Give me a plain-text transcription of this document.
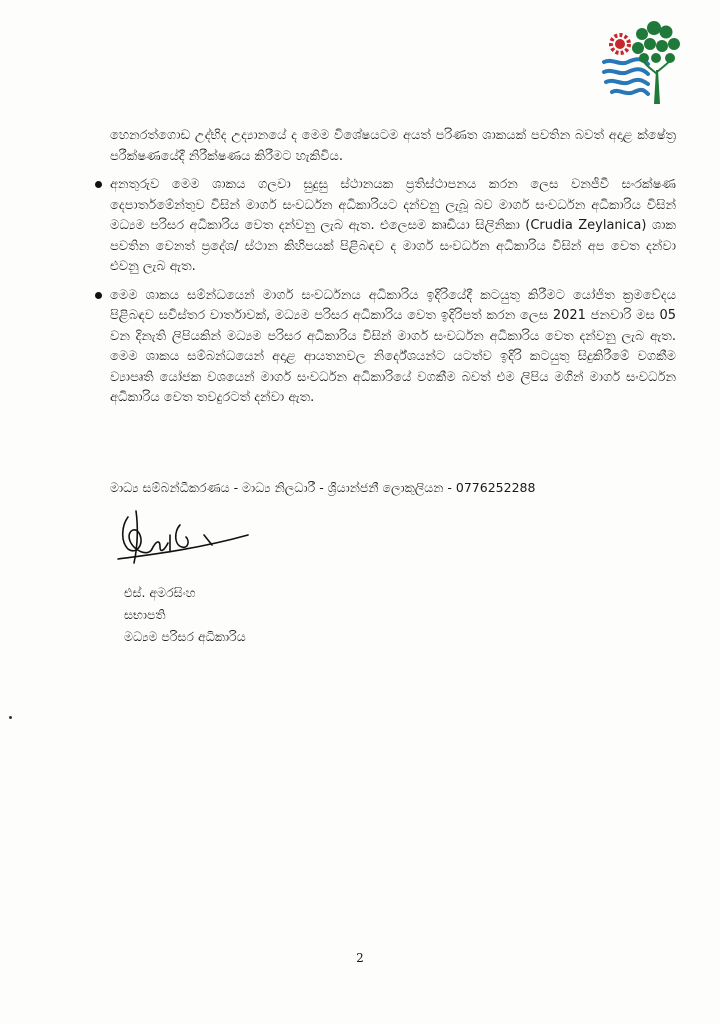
හෙනරත්ගොඩ උද්භිද උද්‍යානයේ ද මෙම විශේෂයටම අයත් පරිණත ශාකයක් පවතින බවත් අදාළ ක්ෂේත්‍ර පරීක්ෂණයේදී නිරීක්ෂණය කිරීමට හැකිවිය.

අනතුරුව මෙම ශාකය ගලවා සුදුසු ස්ථානයක ප්‍රතිස්ථාපනය කරන ලෙස වනජීවී සංරක්ෂණ දෙපාර්තමේන්තුව විසින් මාර්ග සංවර්ධන අධිකාරියට දන්වනු ලැබූ බව මාර්ග සංවර්ධන අධිකාරිය විසින් මධ්‍යම පරිසර අධිකාරිය වෙත දන්වනු ලැබ ඇත. එලෙසම කෘඩියා සිලිනිකා (Crudia Zeylanica) ශාක පවතින වෙනත් ප්‍රදේශ/ ස්ථාන කිහිපයක් පිළිබඳව ද මාර්ග සංවර්ධන අධිකාරිය විසින් අප වෙත දන්වා එවනු ලැබ ඇත.
මෙම ශාකය සම්න්ධයෙන් මාර්ග සංවර්ධනය අධිකාරිය ඉදිරියේදී කටයුතු කිරීමට යෝජිත ක්‍රමවේදය පිළිබඳව සවිස්තර වාර්තාවක්, මධ්‍යම පරිසර අධිකාරිය වෙත ඉදිරිපත් කරන ලෙස 2021 ජනවාරි මස 05 වන දිනැති ලිපියකින් මධ්‍යම පරිසර අධිකාරිය විසින් මාර්ග සංවර්ධන අධිකාරිය වෙත දන්වනු ලැබ ඇත. මෙම ශාකය සම්බන්ධයෙන් අදාළ ආයතනවල නිර්දේශයන්ට යටත්ව ඉදිරි කටයුතු සිදුකිරීමේ වගකීම ව්‍යාපෘති යෝජක වශයෙන් මාර්ග සංවර්ධන අධිකාරියේ වගකීම බවත් එම ලිපිය මගින් මාර්ග සංවර්ධන අධිකාරිය වෙත තවදුරටත් දන්වා ඇත.
මාධ්‍ය සම්බන්ධීකරණය - මාධ්‍ය නිලධාරී - ශ්‍රියාන්ජනී ලොකුලියන - 0776252288
එස්. අමරසිංහ
සභාපති
මධ්‍යම පරිසර අධිකාරිය
2
